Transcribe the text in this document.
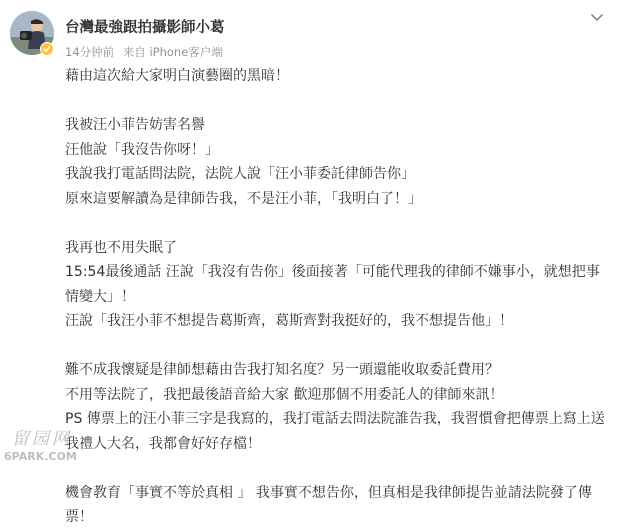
台灣最強跟拍攝影師小葛
14分钟前 来自 iPhone客户端

藉由這次給大家明白演藝圈的黑暗！

我被汪小菲告妨害名譽

汪他說「我沒告你呀！」

我說我打電話問法院，法院人說「汪小菲委託律師告你」

原來這要解讀為是律師告我，不是汪小菲，「我明白了！」

我再也不用失眠了

15:54最後通話 汪說「我沒有告你」後面接著「可能代理我的律師不嫌事小，就想把事情變大」！

汪說「我汪小菲不想提告葛斯齊，葛斯齊對我挺好的，我不想提告他」！

難不成我懷疑是律師想藉由告我打知名度？另一頭還能收取委託費用？

不用等法院了，我把最後語音給大家 歡迎那個不用委託人的律師來訊！

PS 傳票上的汪小菲三字是我寫的，我打電話去問法院誰告我，我習慣會把傳票上寫上送我禮人大名，我都會好好存檔！

機會教育「事實不等於真相 」 我事實不想告你，但真相是我律師提告並請法院發了傳票！

留园网
6PARK.COM
